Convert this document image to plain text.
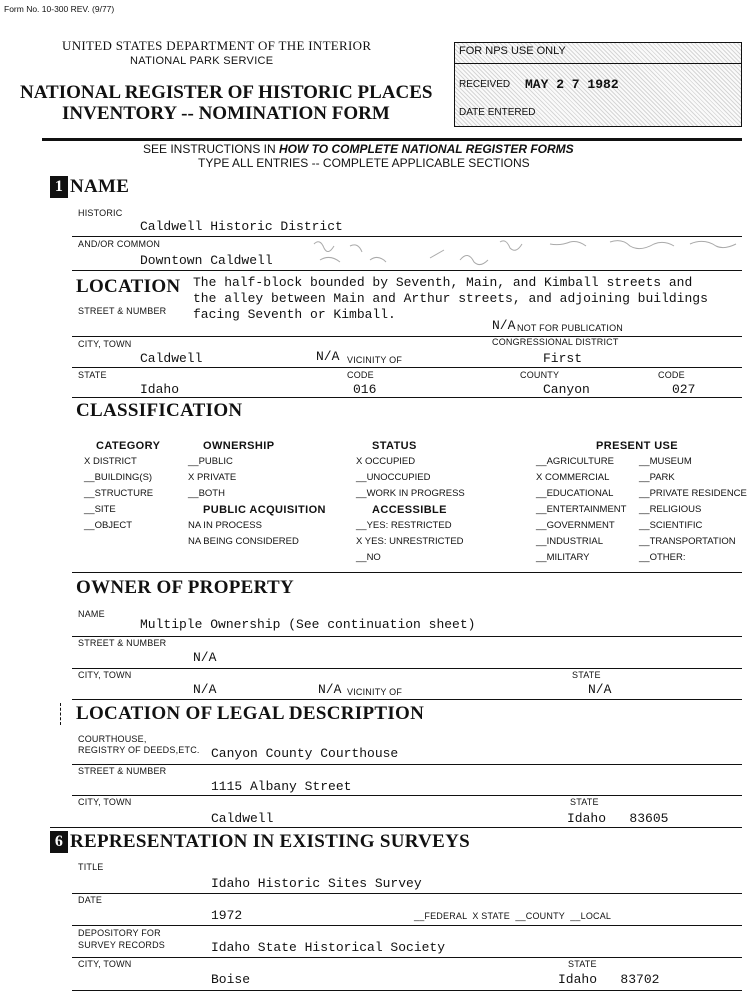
Form No. 10-300 REV. (9/77)
UNITED STATES DEPARTMENT OF THE INTERIOR
NATIONAL PARK SERVICE
NATIONAL REGISTER OF HISTORIC PLACES
INVENTORY -- NOMINATION FORM
FOR NPS USE ONLY
RECEIVED MAY 2 7 1982
DATE ENTERED
SEE INSTRUCTIONS IN HOW TO COMPLETE NATIONAL REGISTER FORMS
TYPE ALL ENTRIES -- COMPLETE APPLICABLE SECTIONS
1 NAME
HISTORIC
Caldwell Historic District
AND/OR COMMON
Downtown Caldwell
LOCATION
STREET & NUMBER
The half-block bounded by Seventh, Main, and Kimball streets and
the alley between Main and Arthur streets, and adjoining buildings
facing Seventh or Kimball.
N/A NOT FOR PUBLICATION
CITY, TOWN	CONGRESSIONAL DISTRICT
Caldwell	N/A VICINITY OF	First
STATE	CODE	COUNTY	CODE
Idaho	016	Canyon	027
CLASSIFICATION
CATEGORY
X DISTRICT
__BUILDING(S)
__STRUCTURE
__SITE
__OBJECT
OWNERSHIP
__PUBLIC
X PRIVATE
__BOTH
PUBLIC ACQUISITION
NA IN PROCESS
NA BEING CONSIDERED
STATUS
X OCCUPIED
__UNOCCUPIED
__WORK IN PROGRESS
ACCESSIBLE
__YES: RESTRICTED
X YES: UNRESTRICTED
__NO
PRESENT USE
__AGRICULTURE
X COMMERCIAL
__EDUCATIONAL
__ENTERTAINMENT
__GOVERNMENT
__INDUSTRIAL
__MILITARY
__MUSEUM
__PARK
__PRIVATE RESIDENCE
__RELIGIOUS
__SCIENTIFIC
__TRANSPORTATION
__OTHER:
OWNER OF PROPERTY
NAME
Multiple Ownership (See continuation sheet)
STREET & NUMBER
N/A
CITY, TOWN	STATE
N/A	N/A VICINITY OF	N/A
LOCATION OF LEGAL DESCRIPTION
COURTHOUSE,
REGISTRY OF DEEDS,ETC. Canyon County Courthouse
STREET & NUMBER
1115 Albany Street
CITY, TOWN	STATE
Caldwell	Idaho   83605
6 REPRESENTATION IN EXISTING SURVEYS
TITLE
Idaho Historic Sites Survey
DATE
1972	__FEDERAL  X STATE  __COUNTY  __LOCAL
DEPOSITORY FOR
SURVEY RECORDS	Idaho State Historical Society
CITY, TOWN	STATE
Boise	Idaho   83702
